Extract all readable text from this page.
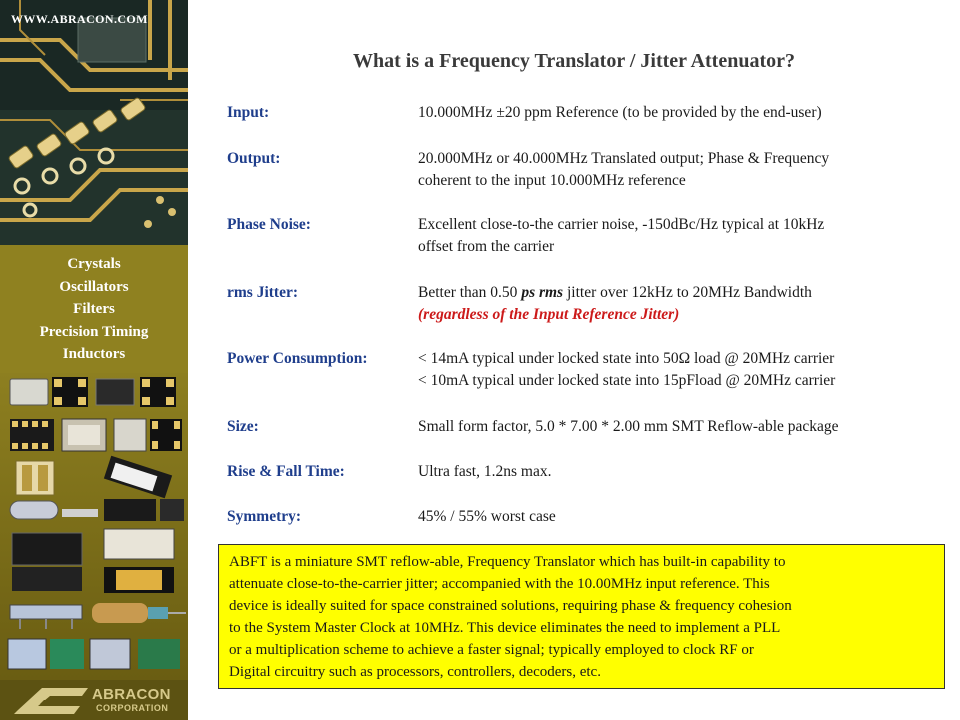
WWW.ABRACON.COM
Crystals
Oscillators
Filters
Precision Timing
Inductors
ABRACON
CORPORATION
What is a Frequency Translator / Jitter Attenuator?
Input:	10.000MHz ±20 ppm Reference (to be provided by the end-user)
Output:	20.000MHz or 40.000MHz Translated output; Phase & Frequency
coherent to the input 10.000MHz reference
Phase Noise:	Excellent close-to-the carrier noise, -150dBc/Hz typical at 10kHz
offset from the carrier
rms Jitter:	Better than 0.50 ps rms jitter over 12kHz to 20MHz Bandwidth
(regardless of the Input Reference Jitter)
Power Consumption:	< 14mA typical under locked state into 50Ω load @ 20MHz carrier
< 10mA typical under locked state into 15pFload @ 20MHz carrier
Size:	Small form factor, 5.0 * 7.00 * 2.00 mm SMT Reflow-able package
Rise & Fall Time:	Ultra fast, 1.2ns max.
Symmetry:	45% / 55% worst case
ABFT is a miniature SMT reflow-able, Frequency Translator which has built-in capability to
attenuate close-to-the-carrier jitter; accompanied with the 10.00MHz input reference. This
device is ideally suited for space constrained solutions, requiring phase & frequency cohesion
to the System Master Clock at 10MHz. This device eliminates the need to implement a PLL
or a multiplication scheme to achieve a faster signal; typically employed to clock RF or
Digital circuitry such as processors, controllers, decoders, etc.
